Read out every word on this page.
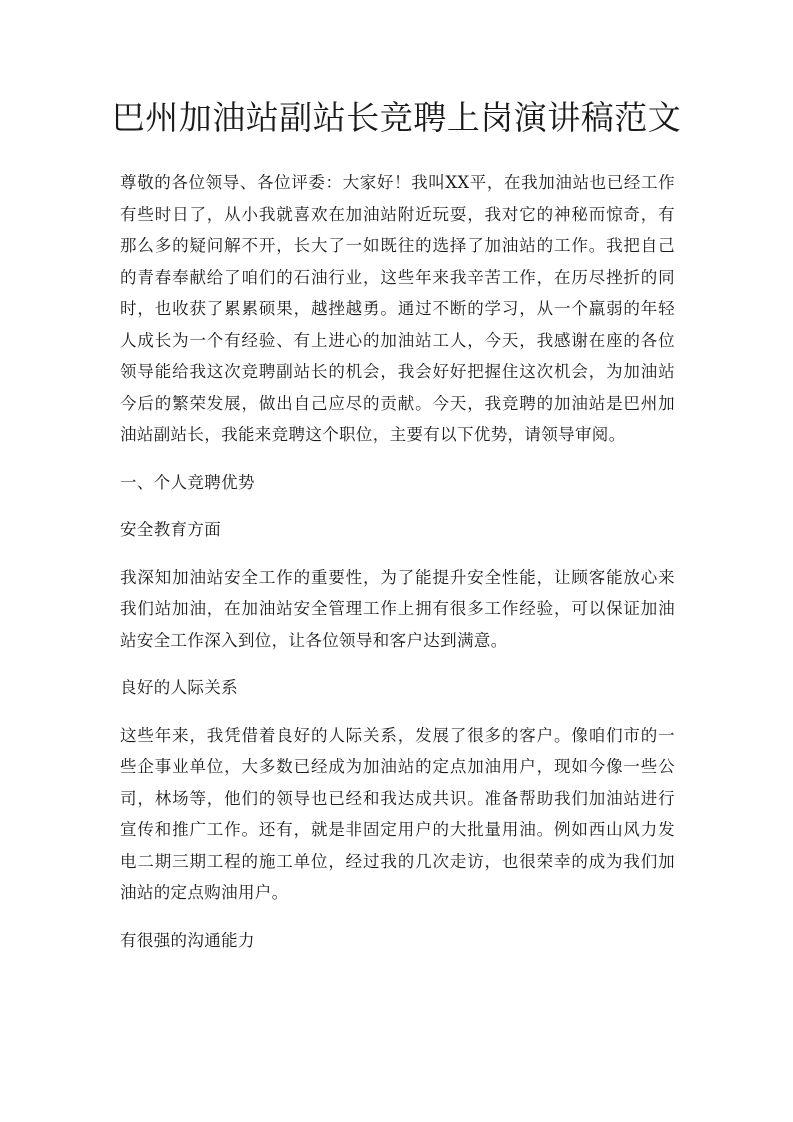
巴州加油站副站长竞聘上岗演讲稿范文

尊敬的各位领导、各位评委：大家好！我叫XX平，在我加油站也已经工作有些时日了，从小我就喜欢在加油站附近玩耍，我对它的神秘而惊奇，有那么多的疑问解不开，长大了一如既往的选择了加油站的工作。我把自己的青春奉献给了咱们的石油行业，这些年来我辛苦工作，在历尽挫折的同时，也收获了累累硕果，越挫越勇。通过不断的学习，从一个羸弱的年轻人成长为一个有经验、有上进心的加油站工人，今天，我感谢在座的各位领导能给我这次竞聘副站长的机会，我会好好把握住这次机会，为加油站今后的繁荣发展，做出自己应尽的贡献。今天，我竞聘的加油站是巴州加油站副站长，我能来竞聘这个职位，主要有以下优势，请领导审阅。

一、个人竞聘优势

安全教育方面

我深知加油站安全工作的重要性，为了能提升安全性能，让顾客能放心来我们站加油，在加油站安全管理工作上拥有很多工作经验，可以保证加油站安全工作深入到位，让各位领导和客户达到满意。

良好的人际关系

这些年来，我凭借着良好的人际关系，发展了很多的客户。像咱们市的一些企事业单位，大多数已经成为加油站的定点加油用户，现如今像一些公司，林场等，他们的领导也已经和我达成共识。准备帮助我们加油站进行宣传和推广工作。还有，就是非固定用户的大批量用油。例如西山风力发电二期三期工程的施工单位，经过我的几次走访，也很荣幸的成为我们加油站的定点购油用户。

有很强的沟通能力
